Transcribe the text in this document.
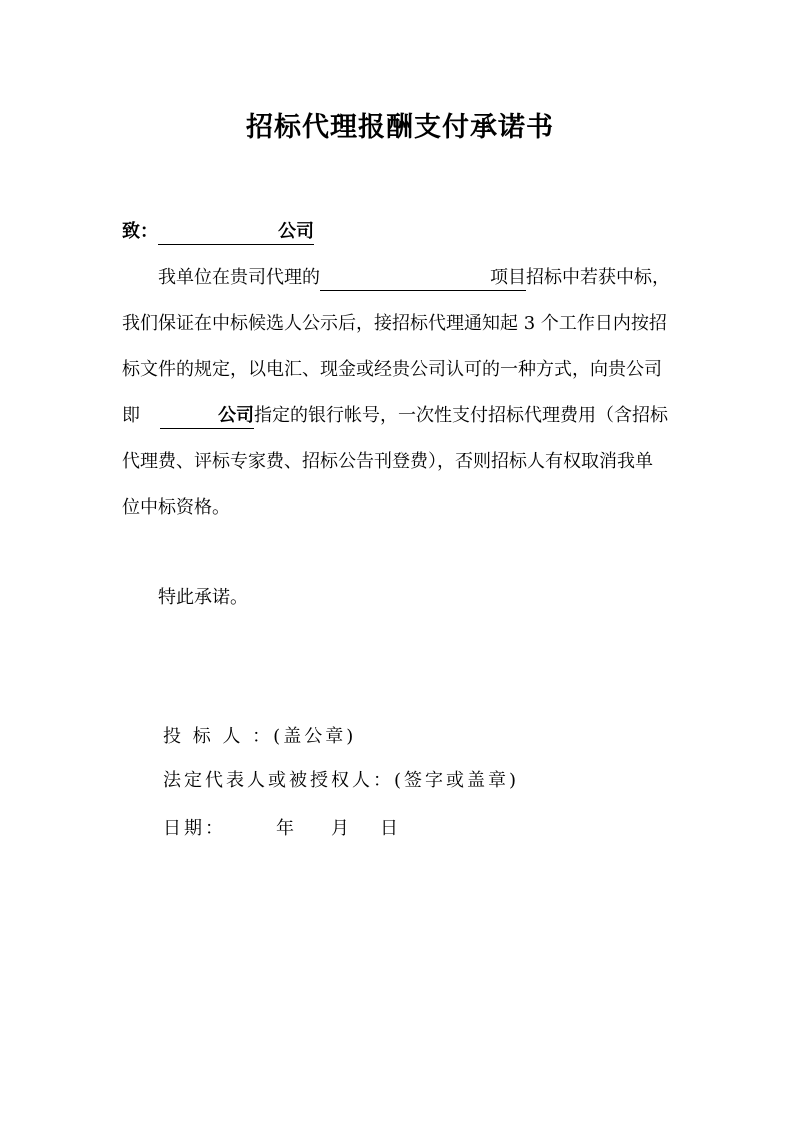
招标代理报酬支付承诺书
致：	公司
我单位在贵司代理的	项目招标中若获中标，
我们保证在中标候选人公示后，接招标代理通知起 3 个工作日内按招
标文件的规定，以电汇、现金或经贵公司认可的一种方式，向贵公司
即	公司指定的银行帐号，一次性支付招标代理费用（含招标
代理费、评标专家费、招标公告刊登费），否则招标人有权取消我单
位中标资格。
特此承诺。
投 标 人 ：(盖公章)
法定代表人或被授权人：(签字或盖章)
日期：	年 月 日
